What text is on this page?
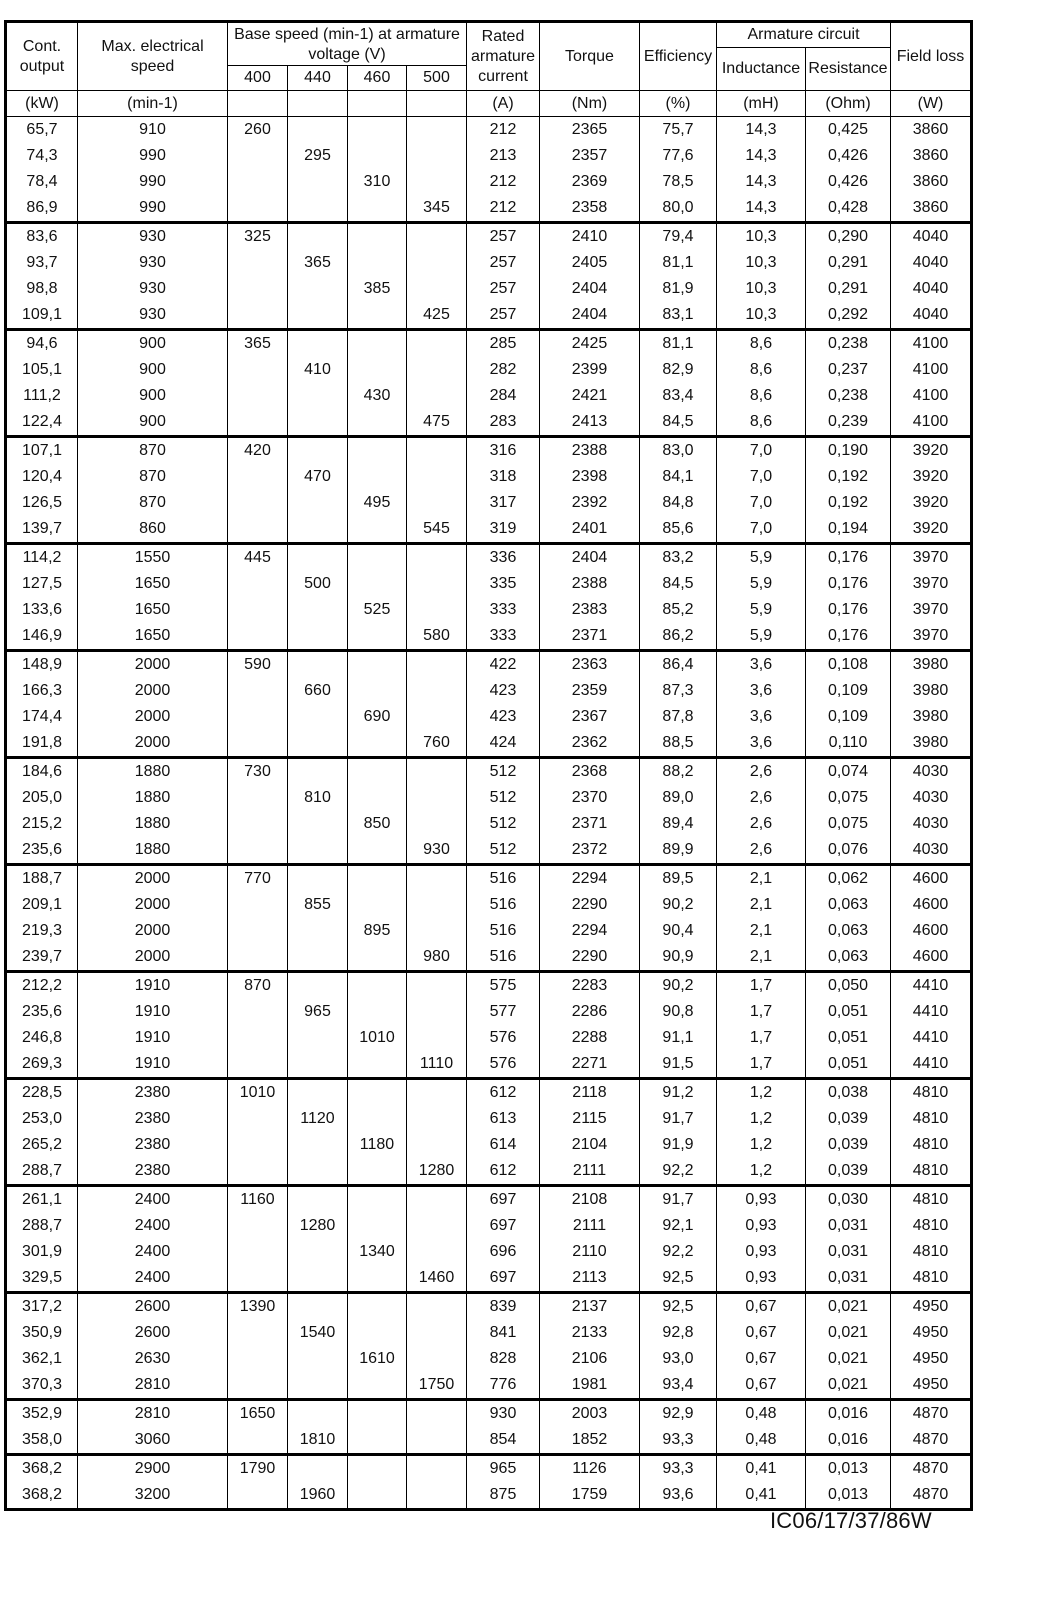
Cont. output	Max. electrical speed	Base speed (min-1) at armature voltage (V)				Rated armature current	Torque	Efficiency	Armature circuit		Field loss
									Inductance	Resistance	
		400	440	460	500						
(kW)	(min-1)					(A)	(Nm)	(%)	(mH)	(Ohm)	(W)
65,7	910	260				212	2365	75,7	14,3	0,425	3860
74,3	990		295			213	2357	77,6	14,3	0,426	3860
78,4	990			310		212	2369	78,5	14,3	0,426	3860
86,9	990				345	212	2358	80,0	14,3	0,428	3860
83,6	930	325				257	2410	79,4	10,3	0,290	4040
93,7	930		365			257	2405	81,1	10,3	0,291	4040
98,8	930			385		257	2404	81,9	10,3	0,291	4040
109,1	930				425	257	2404	83,1	10,3	0,292	4040
94,6	900	365				285	2425	81,1	8,6	0,238	4100
105,1	900		410			282	2399	82,9	8,6	0,237	4100
111,2	900			430		284	2421	83,4	8,6	0,238	4100
122,4	900				475	283	2413	84,5	8,6	0,239	4100
107,1	870	420				316	2388	83,0	7,0	0,190	3920
120,4	870		470			318	2398	84,1	7,0	0,192	3920
126,5	870			495		317	2392	84,8	7,0	0,192	3920
139,7	860				545	319	2401	85,6	7,0	0,194	3920
114,2	1550	445				336	2404	83,2	5,9	0,176	3970
127,5	1650		500			335	2388	84,5	5,9	0,176	3970
133,6	1650			525		333	2383	85,2	5,9	0,176	3970
146,9	1650				580	333	2371	86,2	5,9	0,176	3970
148,9	2000	590				422	2363	86,4	3,6	0,108	3980
166,3	2000		660			423	2359	87,3	3,6	0,109	3980
174,4	2000			690		423	2367	87,8	3,6	0,109	3980
191,8	2000				760	424	2362	88,5	3,6	0,110	3980
184,6	1880	730				512	2368	88,2	2,6	0,074	4030
205,0	1880		810			512	2370	89,0	2,6	0,075	4030
215,2	1880			850		512	2371	89,4	2,6	0,075	4030
235,6	1880				930	512	2372	89,9	2,6	0,076	4030
188,7	2000	770				516	2294	89,5	2,1	0,062	4600
209,1	2000		855			516	2290	90,2	2,1	0,063	4600
219,3	2000			895		516	2294	90,4	2,1	0,063	4600
239,7	2000				980	516	2290	90,9	2,1	0,063	4600
212,2	1910	870				575	2283	90,2	1,7	0,050	4410
235,6	1910		965			577	2286	90,8	1,7	0,051	4410
246,8	1910			1010		576	2288	91,1	1,7	0,051	4410
269,3	1910				1110	576	2271	91,5	1,7	0,051	4410
228,5	2380	1010				612	2118	91,2	1,2	0,038	4810
253,0	2380		1120			613	2115	91,7	1,2	0,039	4810
265,2	2380			1180		614	2104	91,9	1,2	0,039	4810
288,7	2380				1280	612	2111	92,2	1,2	0,039	4810
261,1	2400	1160				697	2108	91,7	0,93	0,030	4810
288,7	2400		1280			697	2111	92,1	0,93	0,031	4810
301,9	2400			1340		696	2110	92,2	0,93	0,031	4810
329,5	2400				1460	697	2113	92,5	0,93	0,031	4810
317,2	2600	1390				839	2137	92,5	0,67	0,021	4950
350,9	2600		1540			841	2133	92,8	0,67	0,021	4950
362,1	2630			1610		828	2106	93,0	0,67	0,021	4950
370,3	2810				1750	776	1981	93,4	0,67	0,021	4950
352,9	2810	1650				930	2003	92,9	0,48	0,016	4870
358,0	3060		1810			854	1852	93,3	0,48	0,016	4870
368,2	2900	1790				965	1126	93,3	0,41	0,013	4870
368,2	3200		1960			875	1759	93,6	0,41	0,013	4870
IC06/17/37/86W
